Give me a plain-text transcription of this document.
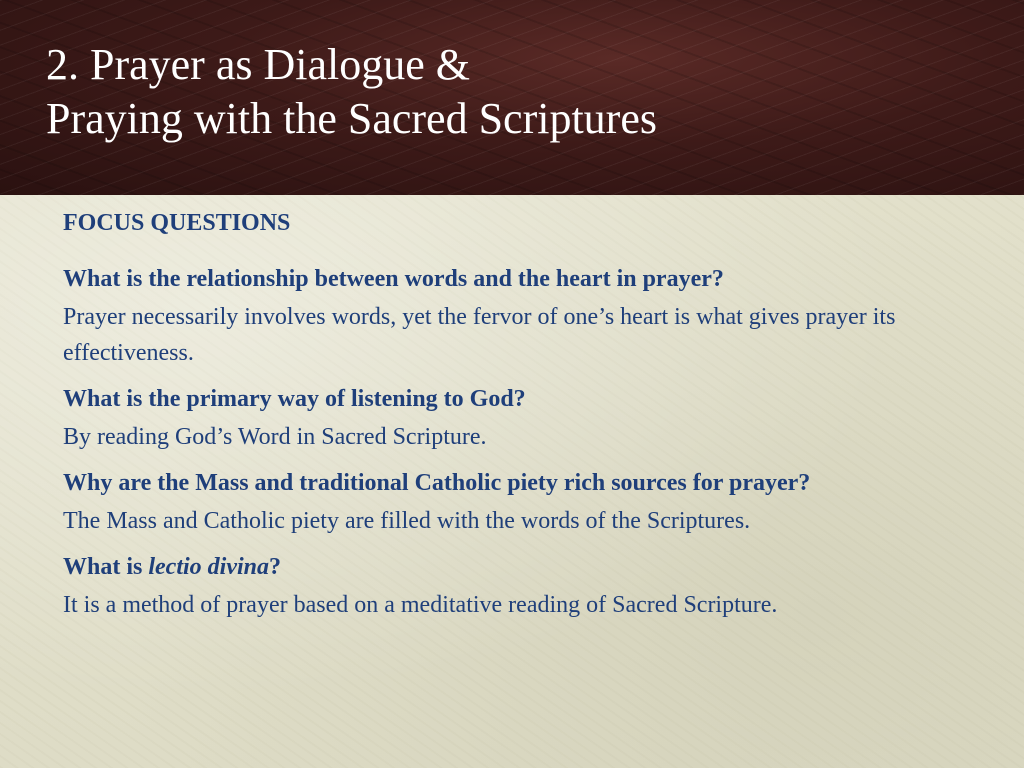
2. Prayer as Dialogue &
Praying with the Sacred Scriptures

FOCUS QUESTIONS

What is the relationship between words and the heart in prayer?

Prayer necessarily involves words, yet the fervor of one’s heart is what gives prayer its effectiveness.

What is the primary way of listening to God?

By reading God’s Word in Sacred Scripture.

Why are the Mass and traditional Catholic piety rich sources for prayer?

The Mass and Catholic piety are filled with the words of the Scriptures.

What is lectio divina?

It is a method of prayer based on a meditative reading of Sacred Scripture.
